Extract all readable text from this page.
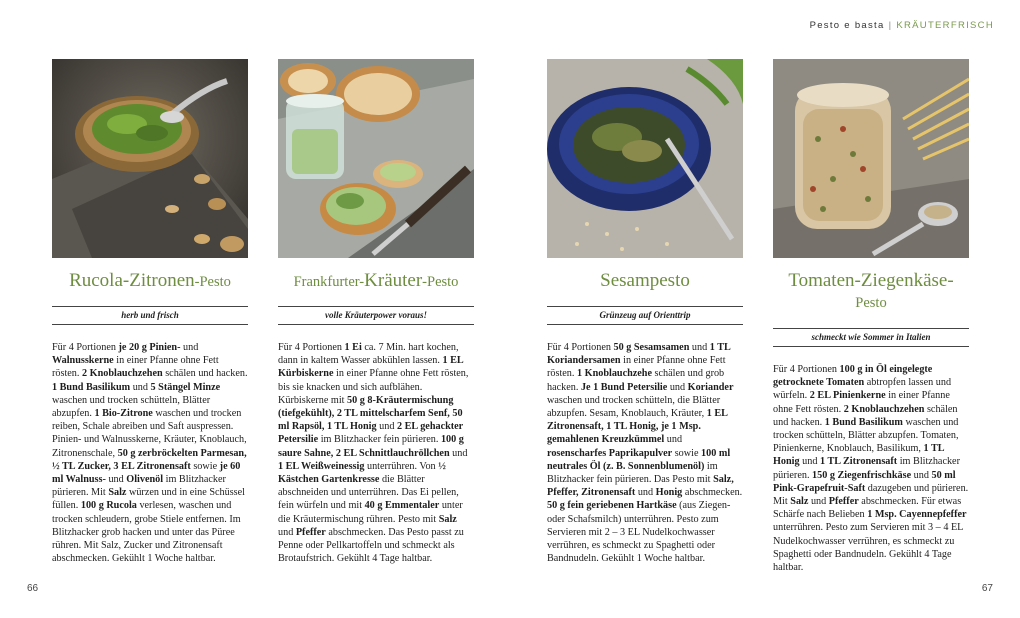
Pesto e basta | KRÄUTERFRISCH
Rucola-Zitronen-Pesto
herb und frisch
Für 4 Portionen je 20 g Pinien- und Walnusskerne in einer Pfanne ohne Fett rösten. 2 Knoblauchzehen schälen und hacken. 1 Bund Basilikum und 5 Stängel Minze waschen und trocken schütteln, Blätter abzupfen. 1 Bio-Zitrone waschen und trocken reiben, Schale abreiben und Saft auspressen. Pinien- und Walnusskerne, Kräuter, Knoblauch, Zitronenschale, 50 g zerbröckelten Parmesan, ½ TL Zucker, 3 EL Zitronensaft sowie je 60 ml Walnuss- und Olivenöl im Blitzhacker pürieren. Mit Salz würzen und in eine Schüssel füllen. 100 g Rucola verlesen, waschen und trocken schleudern, grobe Stiele entfernen. Im Blitzhacker grob hacken und unter das Püree rühren. Mit Salz, Zucker und Zitronensaft abschmecken. Gekühlt 1 Woche haltbar.
Frankfurter-Kräuter-Pesto
volle Kräuterpower voraus!
Für 4 Portionen 1 Ei ca. 7 Min. hart kochen, dann in kaltem Wasser abkühlen lassen. 1 EL Kürbiskerne in einer Pfanne ohne Fett rösten, bis sie knacken und sich aufblähen. Kürbiskerne mit 50 g 8-Kräutermischung (tiefgekühlt), 2 TL mittelscharfem Senf, 50 ml Rapsöl, 1 TL Honig und 2 EL gehackter Petersilie im Blitzhacker fein pürieren. 100 g saure Sahne, 2 EL Schnittlauchröllchen und 1 EL Weißweinessig unterrühren. Von ½ Kästchen Gartenkresse die Blätter abschneiden und unterrühren. Das Ei pellen, fein würfeln und mit 40 g Emmentaler unter die Kräutermischung rühren. Pesto mit Salz und Pfeffer abschmecken. Das Pesto passt zu Penne oder Pellkartoffeln und schmeckt als Brotaufstrich. Gekühlt 4 Tage haltbar.
Sesampesto
Grünzeug auf Orienttrip
Für 4 Portionen 50 g Sesamsamen und 1 TL Koriandersamen in einer Pfanne ohne Fett rösten. 1 Knoblauchzehe schälen und grob hacken. Je 1 Bund Petersilie und Koriander waschen und trocken schütteln, die Blätter abzupfen. Sesam, Knoblauch, Kräuter, 1 EL Zitronensaft, 1 TL Honig, je 1 Msp. gemahlenen Kreuzkümmel und rosenscharfes Paprikapulver sowie 100 ml neutrales Öl (z. B. Sonnenblumenöl) im Blitzhacker fein pürieren. Das Pesto mit Salz, Pfeffer, Zitronensaft und Honig abschmecken. 50 g fein geriebenen Hartkäse (aus Ziegen- oder Schafsmilch) unterrühren. Pesto zum Servieren mit 2 – 3 EL Nudelkochwasser verrühren, es schmeckt zu Spaghetti oder Bandnudeln. Gekühlt 1 Woche haltbar.
Tomaten-Ziegenkäse-
Pesto
schmeckt wie Sommer in Italien
Für 4 Portionen 100 g in Öl eingelegte getrocknete Tomaten abtropfen lassen und würfeln. 2 EL Pinienkerne in einer Pfanne ohne Fett rösten. 2 Knoblauchzehen schälen und hacken. 1 Bund Basilikum waschen und trocken schütteln, Blätter abzupfen. Tomaten, Pinienkerne, Knoblauch, Basilikum, 1 TL Honig und 1 TL Zitronensaft im Blitzhacker pürieren. 150 g Ziegenfrischkäse und 50 ml Pink-Grapefruit-Saft dazugeben und pürieren. Mit Salz und Pfeffer abschmecken. Für etwas Schärfe nach Belieben 1 Msp. Cayennepfeffer unterrühren. Pesto zum Servieren mit 3 – 4 EL Nudelkochwasser verrühren, es schmeckt zu Spaghetti oder Bandnudeln. Gekühlt 4 Tage haltbar.
66	67
